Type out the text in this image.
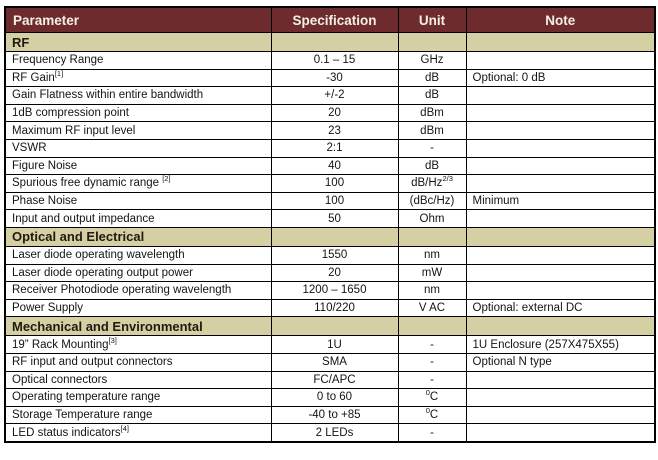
Parameter	Specification	Unit	Note
RF			
Frequency Range	0.1 – 15	GHz	
RF Gain[1]	-30	dB	Optional: 0 dB
Gain Flatness within entire bandwidth	+/-2	dB	
1dB compression point	20	dBm	
Maximum RF input level	23	dBm	
VSWR	2:1	-	
Figure Noise	40	dB	
Spurious free dynamic range [2]	100	$dB/Hz^{2/3}$	
Phase Noise	100	(dBc/Hz)	Minimum
Input and output impedance	50	Ohm	
Optical and Electrical			
Laser diode operating wavelength	1550	nm	
Laser diode operating output power	20	mW	
Receiver Photodiode operating wavelength	1200 – 1650	nm	
Power Supply	110/220	V AC	Optional: external DC
Mechanical and Environmental			
19” Rack Mounting[3]	1U	-	1U Enclosure (257X475X55)
RF input and output connectors	SMA	-	Optional N type
Optical connectors	FC/APC	-	
Operating temperature range	0 to 60	$^0$C	
Storage Temperature range	-40 to +85	$^0$C	
LED status indicators[4]	2 LEDs	-	
